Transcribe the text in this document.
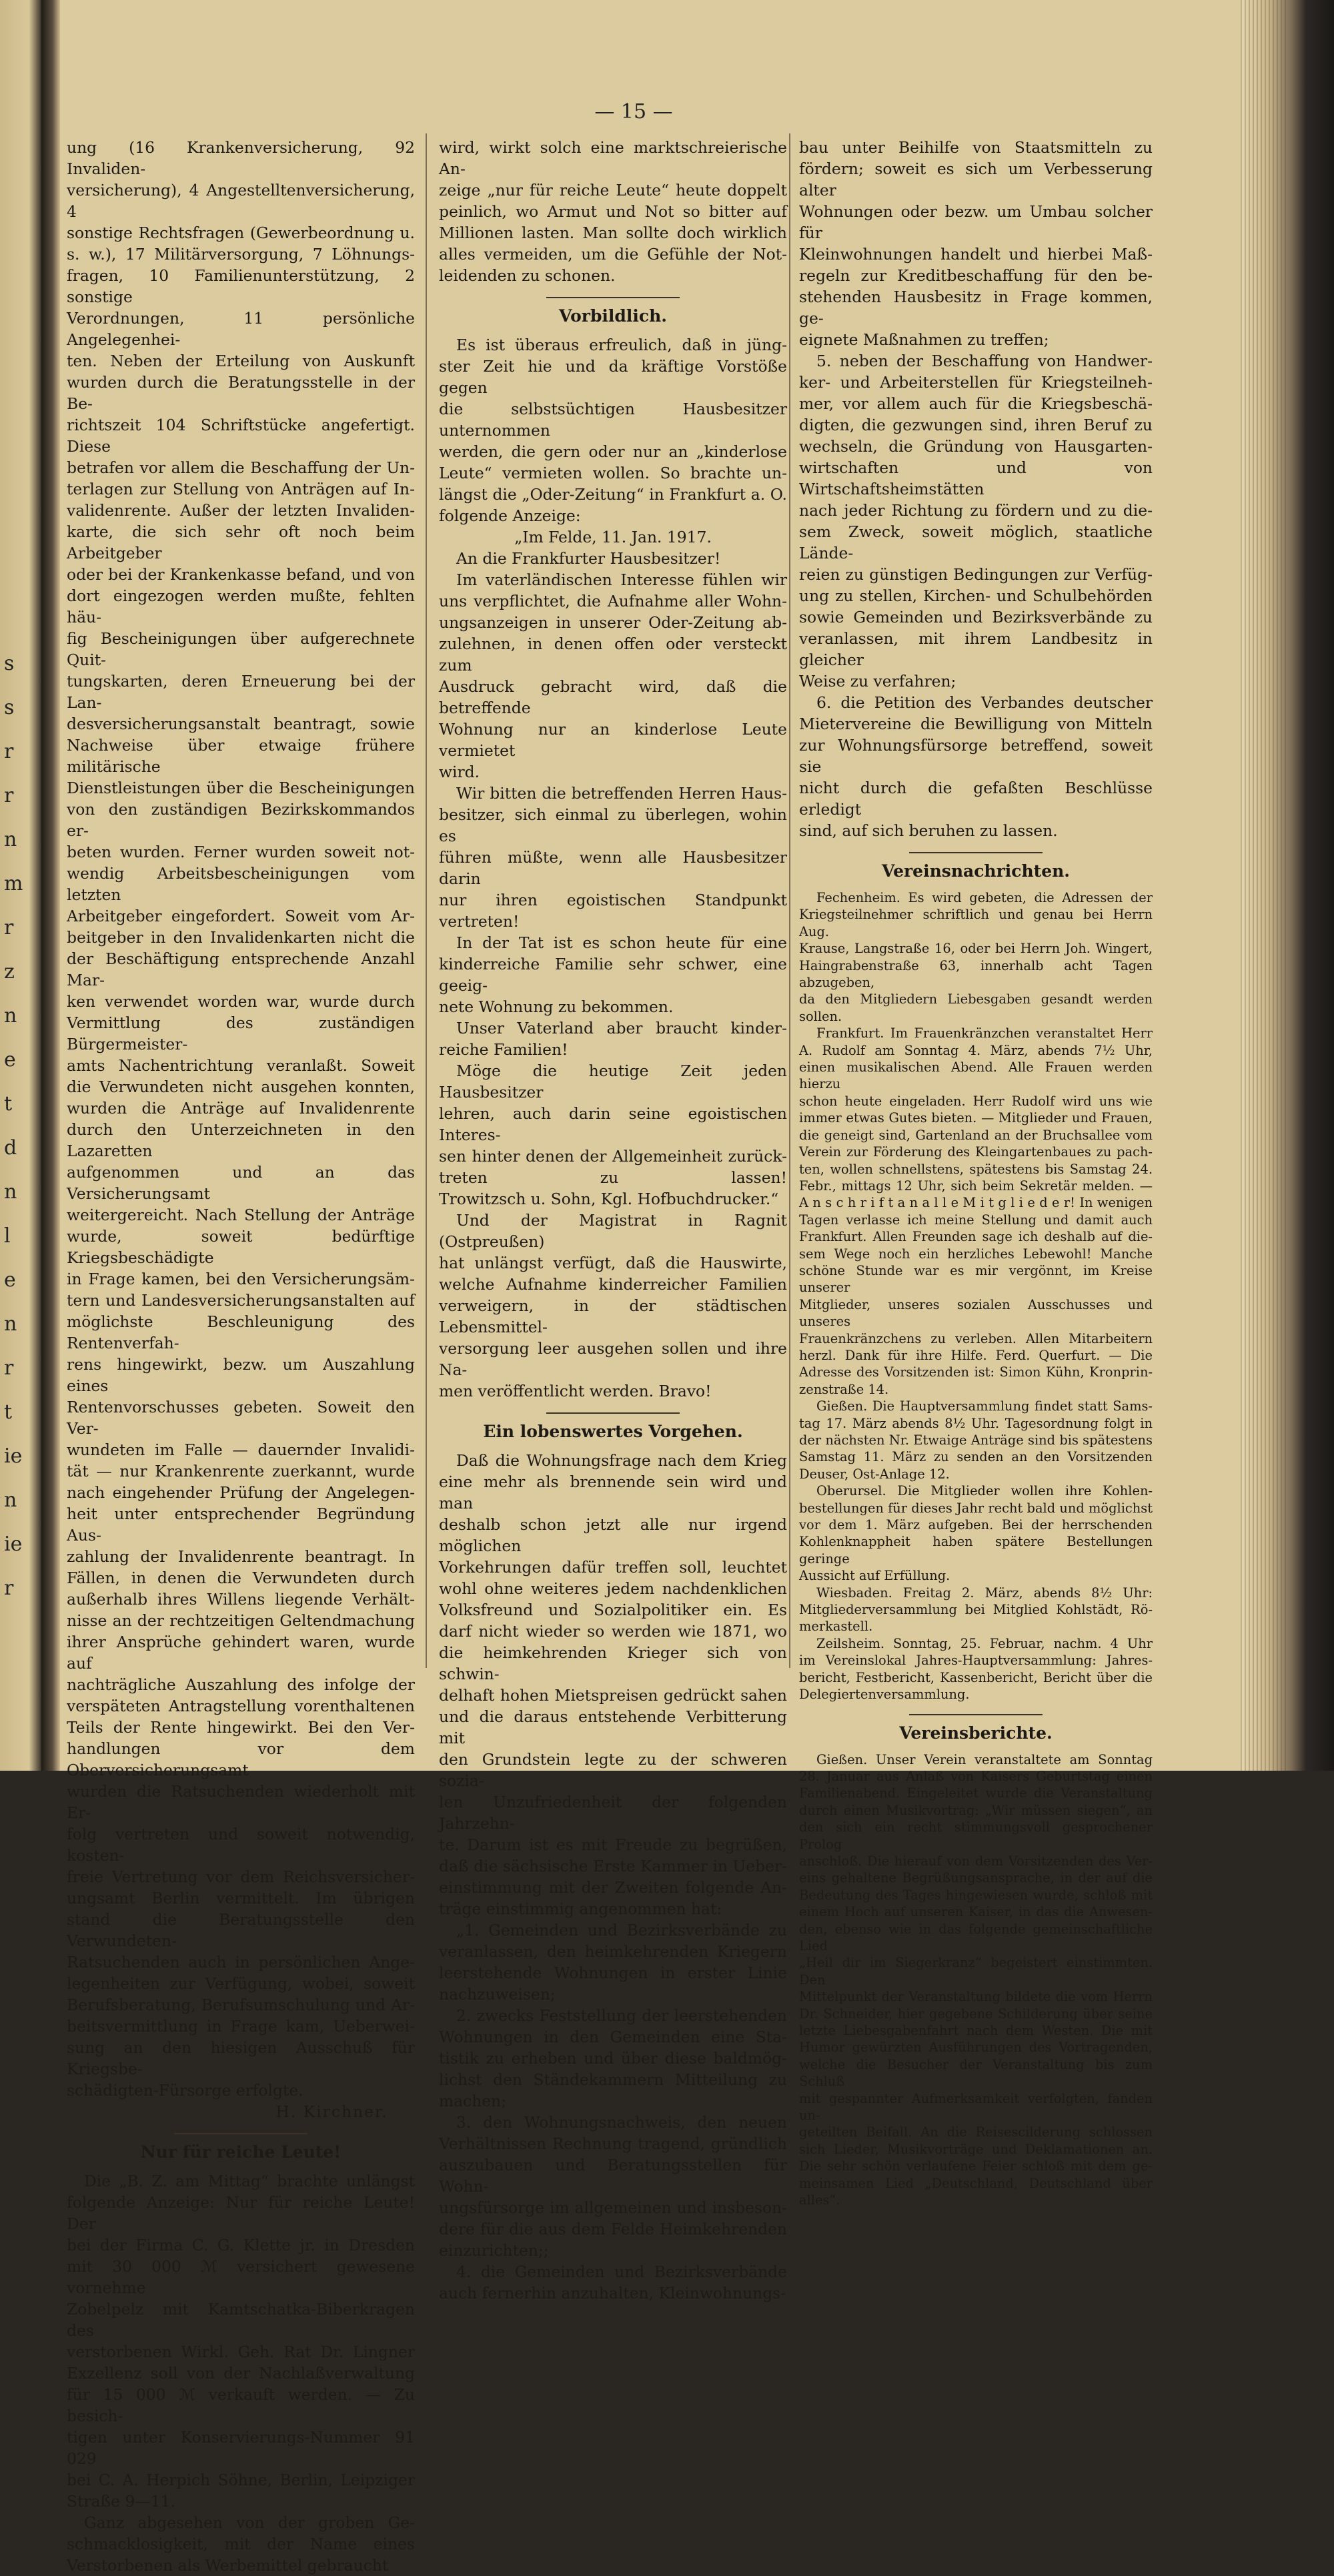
s
s
r
r
n
m
r
z
n
e
t
d
n
l
e
n
r
t
ie
n
ie
r
— 15 —

ung (16 Krankenversicherung, 92 Invaliden-

versicherung), 4 Angestelltenversicherung, 4

sonstige Rechtsfragen (Gewerbeordnung u.

s. w.), 17 Militärversorgung, 7 Löhnungs-

fragen, 10 Familienunterstützung, 2 sonstige

Verordnungen, 11 persönliche Angelegenhei-

ten. Neben der Erteilung von Auskunft

wurden durch die Beratungsstelle in der Be-

richtszeit 104 Schriftstücke angefertigt. Diese

betrafen vor allem die Beschaffung der Un-

terlagen zur Stellung von Anträgen auf In-

validenrente. Außer der letzten Invaliden-

karte, die sich sehr oft noch beim Arbeitgeber

oder bei der Krankenkasse befand, und von

dort eingezogen werden mußte, fehlten häu-

fig Bescheinigungen über aufgerechnete Quit-

tungskarten, deren Erneuerung bei der Lan-

desversicherungsanstalt beantragt, sowie

Nachweise über etwaige frühere militärische

Dienstleistungen über die Bescheinigungen

von den zuständigen Bezirkskommandos er-

beten wurden. Ferner wurden soweit not-

wendig Arbeitsbescheinigungen vom letzten

Arbeitgeber eingefordert. Soweit vom Ar-

beitgeber in den Invalidenkarten nicht die

der Beschäftigung entsprechende Anzahl Mar-

ken verwendet worden war, wurde durch

Vermittlung des zuständigen Bürgermeister-

amts Nachentrichtung veranlaßt. Soweit

die Verwundeten nicht ausgehen konnten,

wurden die Anträge auf Invalidenrente

durch den Unterzeichneten in den Lazaretten

aufgenommen und an das Versicherungsamt

weitergereicht. Nach Stellung der Anträge

wurde, soweit bedürftige Kriegsbeschädigte

in Frage kamen, bei den Versicherungsäm-

tern und Landesversicherungsanstalten auf

möglichste Beschleunigung des Rentenverfah-

rens hingewirkt, bezw. um Auszahlung eines

Rentenvorschusses gebeten. Soweit den Ver-

wundeten im Falle — dauernder Invalidi-

tät — nur Krankenrente zuerkannt, wurde

nach eingehender Prüfung der Angelegen-

heit unter entsprechender Begründung Aus-

zahlung der Invalidenrente beantragt. In

Fällen, in denen die Verwundeten durch

außerhalb ihres Willens liegende Verhält-

nisse an der rechtzeitigen Geltendmachung

ihrer Ansprüche gehindert waren, wurde auf

nachträgliche Auszahlung des infolge der

verspäteten Antragstellung vorenthaltenen

Teils der Rente hingewirkt. Bei den Ver-

handlungen vor dem Oberversicherungsamt

wurden die Ratsuchenden wiederholt mit Er-

folg vertreten und soweit notwendig, kosten-

freie Vertretung vor dem Reichsversicher-

ungsamt Berlin vermittelt. Im übrigen

stand die Beratungsstelle den Verwundeten-

Ratsuchenden auch in persönlichen Ange-

legenheiten zur Verfügung, wobei, soweit

Berufsberatung, Berufsumschulung und Ar-

beitsvermittlung in Frage kam, Ueberwei-

sung an den hiesigen Ausschuß für Kriegsbe-

schädigten-Fürsorge erfolgte.

H. Kirchner.
Nur für reiche Leute!

Die „B. Z. am Mittag“ brachte unlängst

folgende Anzeige: Nur für reiche Leute! Der

bei der Firma C. G. Klette jr. in Dresden

mit 30 000 ℳ versichert gewesene vornehme

Zobelpelz mit Kamtschatka-Biberkragen des

verstorbenen Wirkl. Geh. Rat Dr. Lingner

Exzellenz soll von der Nachlaßverwaltung

für 15 000 ℳ verkauft werden. — Zu besich-

tigen unter Konservierungs-Nummer 91 029

bei C. A. Herpich Söhne, Berlin, Leipziger

Straße 9—11.

Ganz abgesehen von der groben Ge-

schmacklosigkeit, mit der Name eines

Verstorbenen als Werbemittel gebraucht

wird, wirkt solch eine marktschreierische An-

zeige „nur für reiche Leute“ heute doppelt

peinlich, wo Armut und Not so bitter auf

Millionen lasten. Man sollte doch wirklich

alles vermeiden, um die Gefühle der Not-

leidenden zu schonen.

Vorbildlich.

Es ist überaus erfreulich, daß in jüng-

ster Zeit hie und da kräftige Vorstöße gegen

die selbstsüchtigen Hausbesitzer unternommen

werden, die gern oder nur an „kinderlose

Leute“ vermieten wollen. So brachte un-

längst die „Oder-Zeitung“ in Frankfurt a. O.

folgende Anzeige:

„Im Felde, 11. Jan. 1917.

An die Frankfurter Hausbesitzer!

Im vaterländischen Interesse fühlen wir

uns verpflichtet, die Aufnahme aller Wohn-

ungsanzeigen in unserer Oder-Zeitung ab-

zulehnen, in denen offen oder versteckt zum

Ausdruck gebracht wird, daß die betreffende

Wohnung nur an kinderlose Leute vermietet

wird.

Wir bitten die betreffenden Herren Haus-

besitzer, sich einmal zu überlegen, wohin es

führen müßte, wenn alle Hausbesitzer darin

nur ihren egoistischen Standpunkt vertreten!

In der Tat ist es schon heute für eine

kinderreiche Familie sehr schwer, eine geeig-

nete Wohnung zu bekommen.

Unser Vaterland aber braucht kinder-

reiche Familien!

Möge die heutige Zeit jeden Hausbesitzer

lehren, auch darin seine egoistischen Interes-

sen hinter denen der Allgemeinheit zurück-

treten zu lassen!

Trowitzsch u. Sohn, Kgl. Hofbuchdrucker.“

Und der Magistrat in Ragnit (Ostpreußen)

hat unlängst verfügt, daß die Hauswirte,

welche Aufnahme kinderreicher Familien

verweigern, in der städtischen Lebensmittel-

versorgung leer ausgehen sollen und ihre Na-

men veröffentlicht werden. Bravo!

Ein lobenswertes Vorgehen.

Daß die Wohnungsfrage nach dem Krieg

eine mehr als brennende sein wird und man

deshalb schon jetzt alle nur irgend möglichen

Vorkehrungen dafür treffen soll, leuchtet

wohl ohne weiteres jedem nachdenklichen

Volksfreund und Sozialpolitiker ein. Es

darf nicht wieder so werden wie 1871, wo

die heimkehrenden Krieger sich von schwin-

delhaft hohen Mietspreisen gedrückt sahen

und die daraus entstehende Verbitterung mit

den Grundstein legte zu der schweren sozia-

len Unzufriedenheit der folgenden Jahrzehn-

te. Darum ist es mit Freude zu begrüßen,

daß die sächsische Erste Kammer in Ueber-

einstimmung mit der Zweiten folgende An-

träge einstimmig angenommen hat:

„1. Gemeinden und Bezirksverbände zu

veranlassen, den heimkehrenden Kriegern

leerstehende Wohnungen in erster Linie

nachzuweisen;

2. zwecks Feststellung der leerstehenden

Wohnungen in den Gemeinden eine Sta-

tistik zu erheben und über diese baldmög-

lichst den Ständekammern Mitteilung zu

machen;

3. den Wohnungsnachweis, den neuen

Verhältnissen Rechnung tragend, gründlich

auszubauen und Beratungsstellen für Wohn-

ungsfürsorge im allgemeinen und insbeson-

dere für die aus dem Felde Heimkehrenden

einzurichten;;

4. die Gemeinden und Bezirksverbände

auch fernerhin anzuhalten, Kleinwohnungs-

bau unter Beihilfe von Staatsmitteln zu

fördern; soweit es sich um Verbesserung alter

Wohnungen oder bezw. um Umbau solcher für

Kleinwohnungen handelt und hierbei Maß-

regeln zur Kreditbeschaffung für den be-

stehenden Hausbesitz in Frage kommen, ge-

eignete Maßnahmen zu treffen;

5. neben der Beschaffung von Handwer-

ker- und Arbeiterstellen für Kriegsteilneh-

mer, vor allem auch für die Kriegsbeschä-

digten, die gezwungen sind, ihren Beruf zu

wechseln, die Gründung von Hausgarten-

wirtschaften und von Wirtschaftsheimstätten

nach jeder Richtung zu fördern und zu die-

sem Zweck, soweit möglich, staatliche Lände-

reien zu günstigen Bedingungen zur Verfüg-

ung zu stellen, Kirchen- und Schulbehörden

sowie Gemeinden und Bezirksverbände zu

veranlassen, mit ihrem Landbesitz in gleicher

Weise zu verfahren;

6. die Petition des Verbandes deutscher

Mietervereine die Bewilligung von Mitteln

zur Wohnungsfürsorge betreffend, soweit sie

nicht durch die gefaßten Beschlüsse erledigt

sind, auf sich beruhen zu lassen.

Vereinsnachrichten.

Fechenheim. Es wird gebeten, die Adressen der

Kriegsteilnehmer schriftlich und genau bei Herrn Aug.

Krause, Langstraße 16, oder bei Herrn Joh. Wingert,

Haingrabenstraße 63, innerhalb acht Tagen abzugeben,

da den Mitgliedern Liebesgaben gesandt werden sollen.

Frankfurt. Im Frauenkränzchen veranstaltet Herr

A. Rudolf am Sonntag 4. März, abends 7½ Uhr,

einen musikalischen Abend. Alle Frauen werden hierzu

schon heute eingeladen. Herr Rudolf wird uns wie

immer etwas Gutes bieten. — Mitglieder und Frauen,

die geneigt sind, Gartenland an der Bruchsallee vom

Verein zur Förderung des Kleingartenbaues zu pach-

ten, wollen schnellstens, spätestens bis Samstag 24.

Febr., mittags 12 Uhr, sich beim Sekretär melden. —

A n s c h r i f t a n a l l e M i t g l i e d e r! In wenigen

Tagen verlasse ich meine Stellung und damit auch

Frankfurt. Allen Freunden sage ich deshalb auf die-

sem Wege noch ein herzliches Lebewohl! Manche

schöne Stunde war es mir vergönnt, im Kreise unserer

Mitglieder, unseres sozialen Ausschusses und unseres

Frauenkränzchens zu verleben. Allen Mitarbeitern

herzl. Dank für ihre Hilfe. Ferd. Querfurt. — Die

Adresse des Vorsitzenden ist: Simon Kühn, Kronprin-

zenstraße 14.

Gießen. Die Hauptversammlung findet statt Sams-

tag 17. März abends 8½ Uhr. Tagesordnung folgt in

der nächsten Nr. Etwaige Anträge sind bis spätestens

Samstag 11. März zu senden an den Vorsitzenden

Deuser, Ost-Anlage 12.

Oberursel. Die Mitglieder wollen ihre Kohlen-

bestellungen für dieses Jahr recht bald und möglichst

vor dem 1. März aufgeben. Bei der herrschenden

Kohlenknappheit haben spätere Bestellungen geringe

Aussicht auf Erfüllung.

Wiesbaden. Freitag 2. März, abends 8½ Uhr:

Mitgliederversammlung bei Mitglied Kohlstädt, Rö-

merkastell.

Zeilsheim. Sonntag, 25. Februar, nachm. 4 Uhr

im Vereinslokal Jahres-Hauptversammlung: Jahres-

bericht, Festbericht, Kassenbericht, Bericht über die

Delegiertenversammlung.

Vereinsberichte.

Gießen. Unser Verein veranstaltete am Sonntag

28. Januar aus Anlaß von Kaisers Geburtstag einen

Familienabend. Eingeleitet wurde die Veranstaltung

durch einen Musikvortrag: „Wir müssen siegen“, an

den sich ein recht stimmungsvoll gesprochener Prolog

anschloß. Die hierauf von dem Vorsitzenden des Ver-

eins gehaltene Begrüßungsansprache, in der auf die

Bedeutung des Tages hingewiesen wurde, schloß mit

einem Hoch auf unseren Kaiser, in das die Anwesen-

den, ebenso wie in das folgende gemeinschaftliche Lied

„Heil dir im Siegerkranz“ begeistert einstimmten. Den

Mittelpunkt der Veranstaltung bildete die vom Herrn

Dr. Schneider, hier gegebene Schilderung über seine

letzte Liebesgabenfahrt nach dem Westen. Die mit

Humor gewürzten Ausführungen des Vortragenden,

welche die Besucher der Veranstaltung bis zum Schluß

mit gespannter Aufmerksamkeit verfolgten, fanden un-

geteilten Beifall. An die Reisescilderung schlossen

sich Lieder, Musikvorträge und Deklamationen an.

Die sehr schön verlaufene Feier schloß mit dem ge-

meinsamen Lied „Deutschland, Deutschland über alles“.
